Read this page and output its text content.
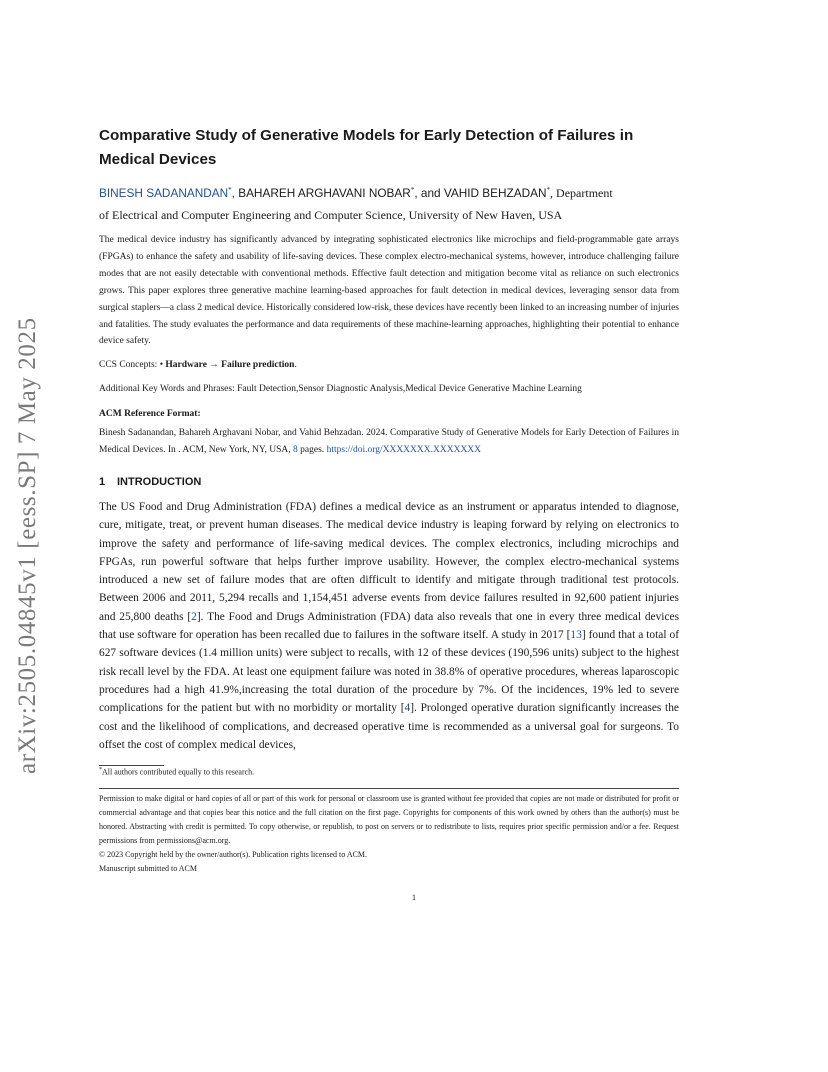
arXiv:2505.04845v1 [eess.SP] 7 May 2025
Comparative Study of Generative Models for Early Detection of Failures in Medical Devices
BINESH SADANANDAN*, BAHAREH ARGHAVANI NOBAR*, and VAHID BEHZADAN*, Department
of Electrical and Computer Engineering and Computer Science, University of New Haven, USA

The medical device industry has significantly advanced by integrating sophisticated electronics like microchips and field-programmable gate arrays (FPGAs) to enhance the safety and usability of life-saving devices. These complex electro-mechanical systems, however, introduce challenging failure modes that are not easily detectable with conventional methods. Effective fault detection and mitigation become vital as reliance on such electronics grows. This paper explores three generative machine learning-based approaches for fault detection in medical devices, leveraging sensor data from surgical staplers—a class 2 medical device. Historically considered low-risk, these devices have recently been linked to an increasing number of injuries and fatalities. The study evaluates the performance and data requirements of these machine-learning approaches, highlighting their potential to enhance device safety.

CCS Concepts: • Hardware → Failure prediction.
Additional Key Words and Phrases: Fault Detection,Sensor Diagnostic Analysis,Medical Device Generative Machine Learning
ACM Reference Format:
Binesh Sadanandan, Bahareh Arghavani Nobar, and Vahid Behzadan. 2024. Comparative Study of Generative Models for Early Detection of Failures in Medical Devices. In . ACM, New York, NY, USA, 8 pages. https://doi.org/XXXXXXX.XXXXXXX
1 INTRODUCTION

The US Food and Drug Administration (FDA) defines a medical device as an instrument or apparatus intended to diagnose, cure, mitigate, treat, or prevent human diseases. The medical device industry is leaping forward by relying on electronics to improve the safety and performance of life-saving medical devices. The complex electronics, including microchips and FPGAs, run powerful software that helps further improve usability. However, the complex electro-mechanical systems introduced a new set of failure modes that are often difficult to identify and mitigate through traditional test protocols. Between 2006 and 2011, 5,294 recalls and 1,154,451 adverse events from device failures resulted in 92,600 patient injuries and 25,800 deaths [2]. The Food and Drugs Administration (FDA) data also reveals that one in every three medical devices that use software for operation has been recalled due to failures in the software itself. A study in 2017 [13] found that a total of 627 software devices (1.4 million units) were subject to recalls, with 12 of these devices (190,596 units) subject to the highest risk recall level by the FDA. At least one equipment failure was noted in 38.8% of operative procedures, whereas laparoscopic procedures had a high 41.9%,increasing the total duration of the procedure by 7%. Of the incidences, 19% led to severe complications for the patient but with no morbidity or mortality [4]. Prolonged operative duration significantly increases the cost and the likelihood of complications, and decreased operative time is recommended as a universal goal for surgeons. To offset the cost of complex medical devices,

*All authors contributed equally to this research.

Permission to make digital or hard copies of all or part of this work for personal or classroom use is granted without fee provided that copies are not made or distributed for profit or commercial advantage and that copies bear this notice and the full citation on the first page. Copyrights for components of this work owned by others than the author(s) must be honored. Abstracting with credit is permitted. To copy otherwise, or republish, to post on servers or to redistribute to lists, requires prior specific permission and/or a fee. Request permissions from permissions@acm.org.

© 2023 Copyright held by the owner/author(s). Publication rights licensed to ACM.
Manuscript submitted to ACM
1
